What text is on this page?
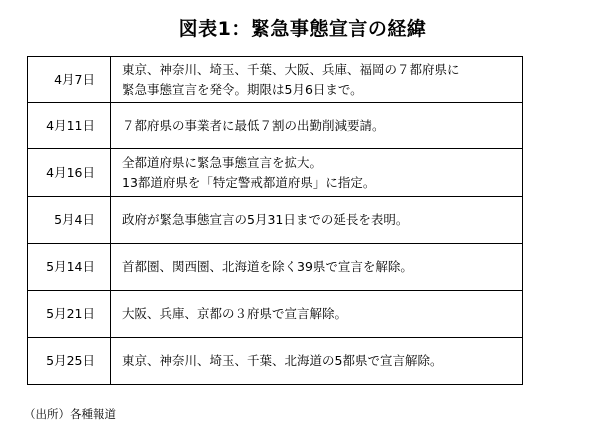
図表1：緊急事態宣言の経緯
4月7日	東京、神奈川、埼玉、千葉、大阪、兵庫、福岡の７都府県に
緊急事態宣言を発令。期限は5月6日まで。

4月11日	７都府県の事業者に最低７割の出勤削減要請。

4月16日	全都道府県に緊急事態宣言を拡大。
13都道府県を「特定警戒都道府県」に指定。

5月4日	政府が緊急事態宣言の5月31日までの延長を表明。

5月14日	首都圏、関西圏、北海道を除く39県で宣言を解除。

5月21日	大阪、兵庫、京都の３府県で宣言解除。

5月25日	東京、神奈川、埼玉、千葉、北海道の5都県で宣言解除。
（出所）各種報道
